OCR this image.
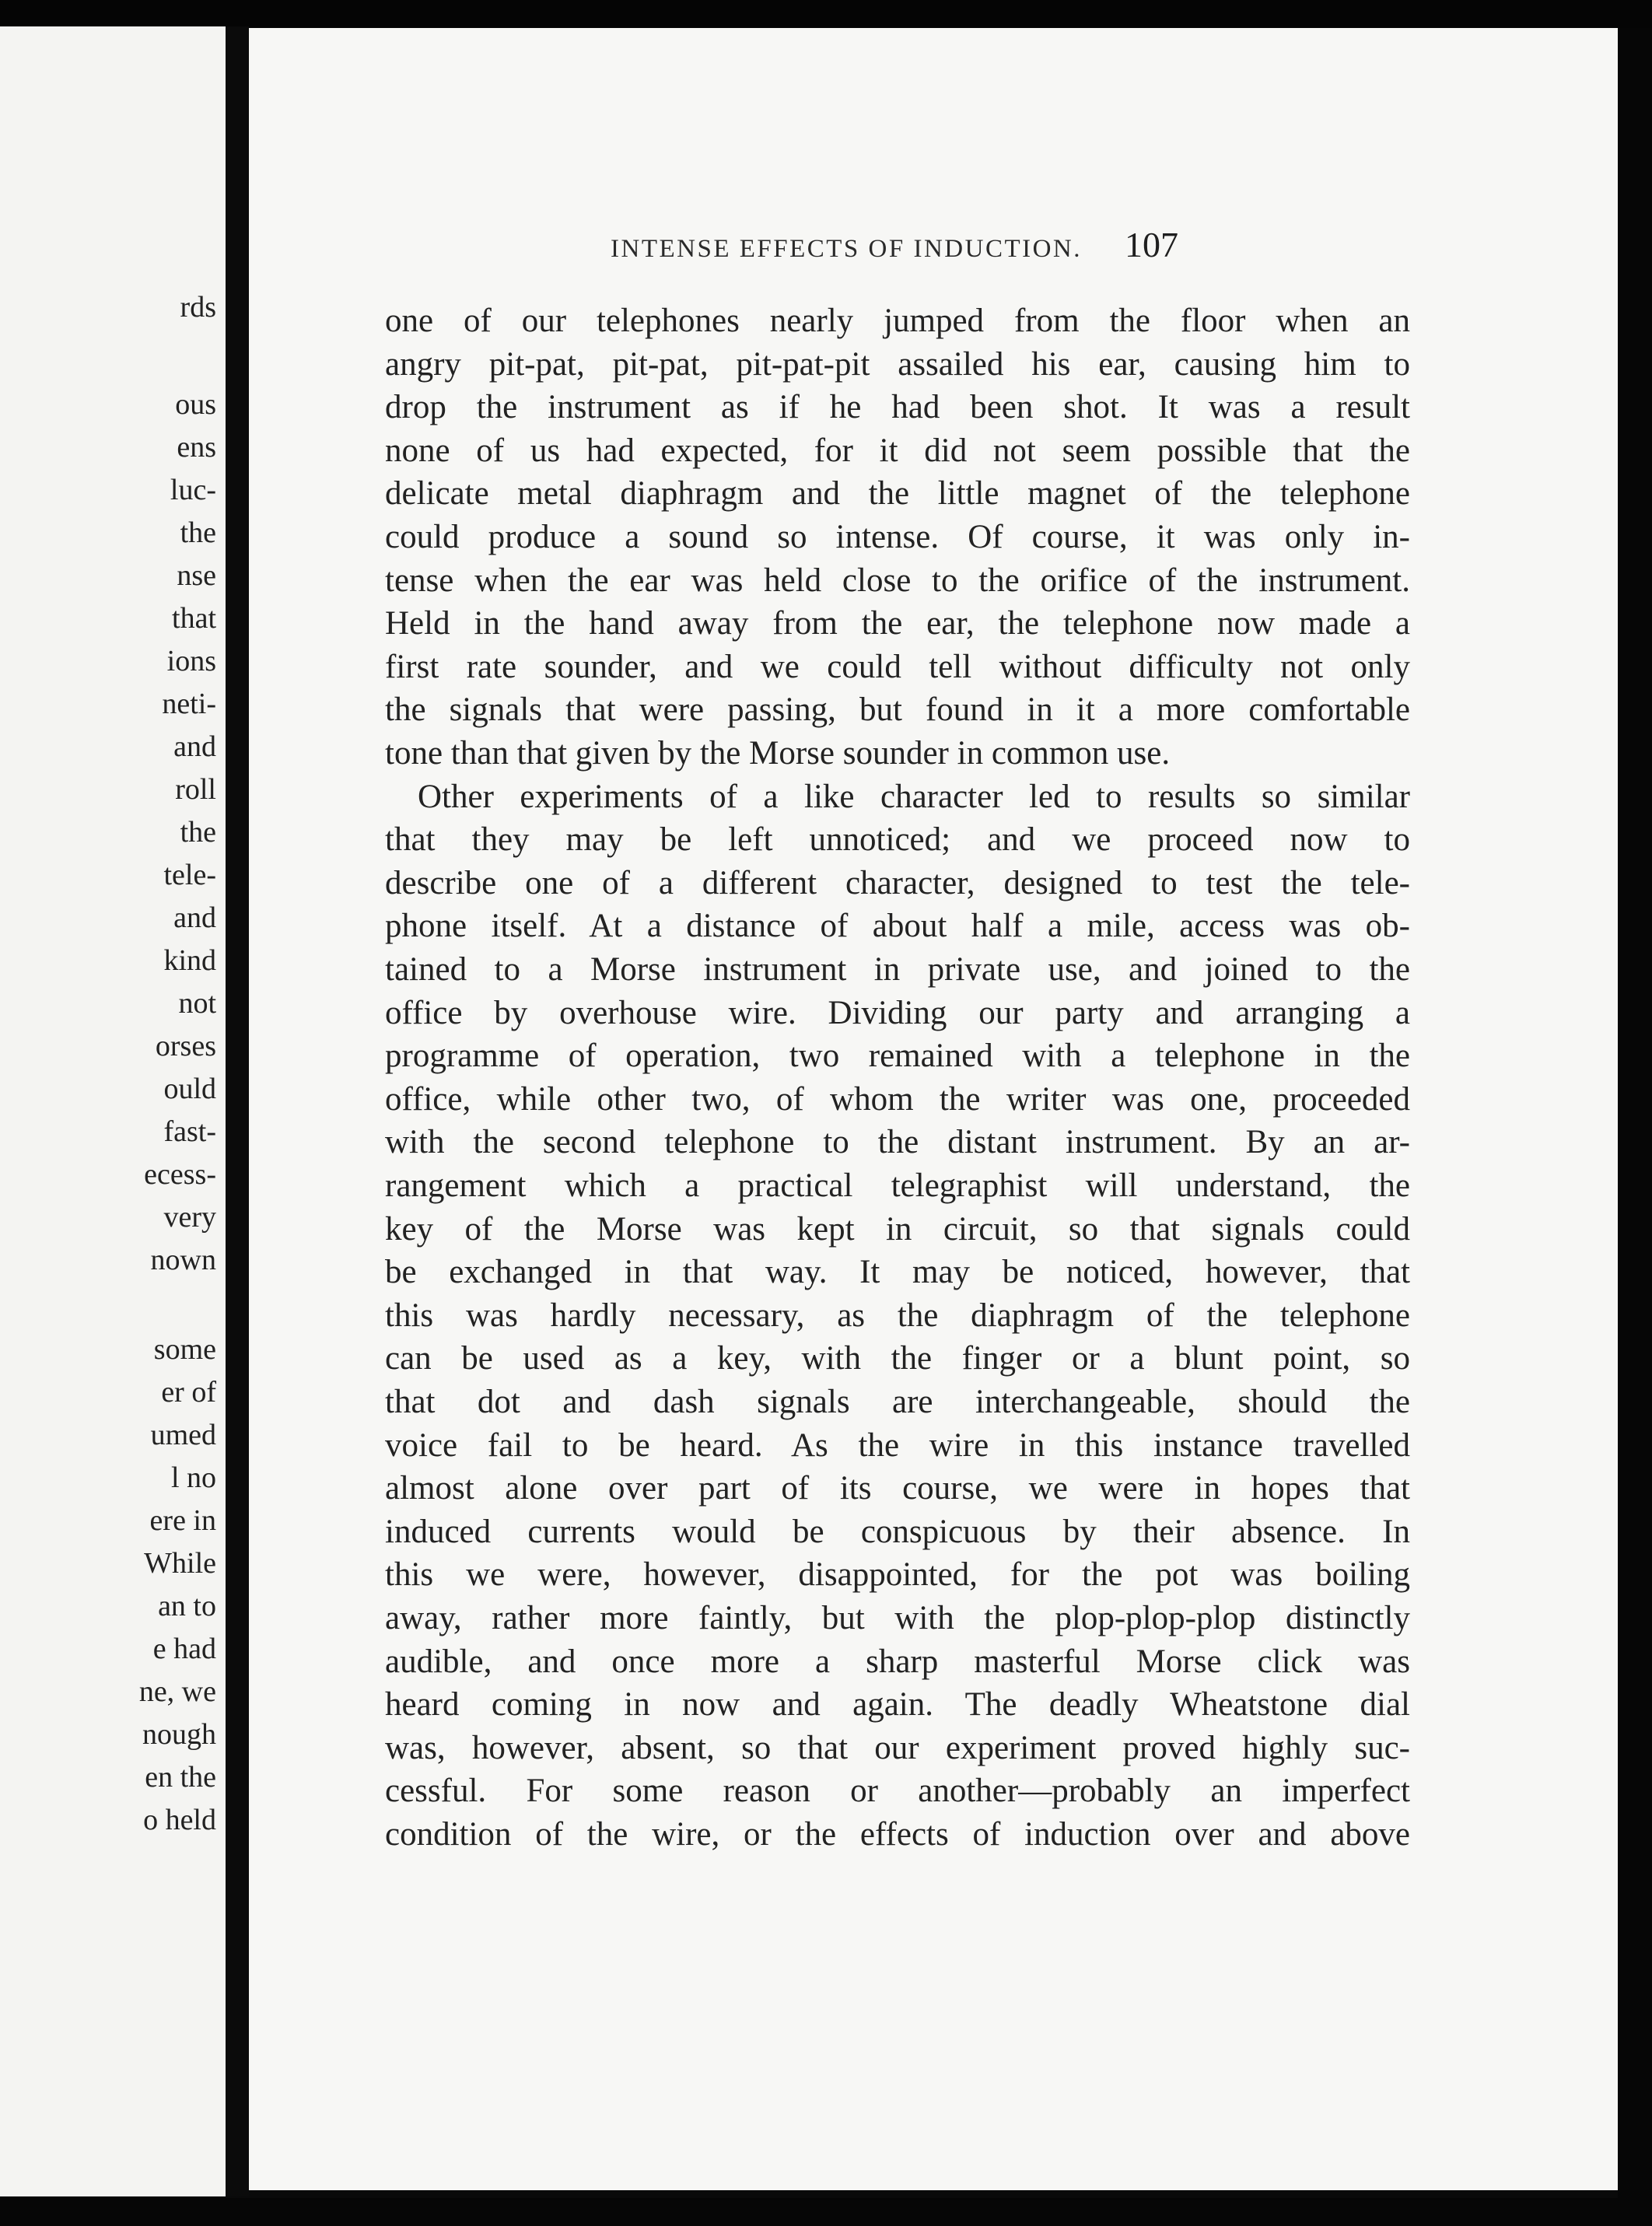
rds
ous
ens
luc-
the
nse
that
ions
neti-
and
roll
the
tele-
and
kind
not
orses
ould
fast-
ecess-
very
nown
some
er of
umed
l no
ere in
While
an to
e had
ne, we
nough
en the
o held
INTENSE EFFECTS OF INDUCTION.	107
one of our telephones nearly jumped from the floor when an
angry pit-pat, pit-pat, pit-pat-pit assailed his ear, causing him to
drop the instrument as if he had been shot. It was a result
none of us had expected, for it did not seem possible that the
delicate metal diaphragm and the little magnet of the telephone
could produce a sound so intense. Of course, it was only in-
tense when the ear was held close to the orifice of the instrument.
Held in the hand away from the ear, the telephone now made a
first rate sounder, and we could tell without difficulty not only
the signals that were passing, but found in it a more comfortable
tone than that given by the Morse sounder in common use.
Other experiments of a like character led to results so similar
that they may be left unnoticed; and we proceed now to
describe one of a different character, designed to test the tele-
phone itself. At a distance of about half a mile, access was ob-
tained to a Morse instrument in private use, and joined to the
office by overhouse wire. Dividing our party and arranging a
programme of operation, two remained with a telephone in the
office, while other two, of whom the writer was one, proceeded
with the second telephone to the distant instrument. By an ar-
rangement which a practical telegraphist will understand, the
key of the Morse was kept in circuit, so that signals could
be exchanged in that way. It may be noticed, however, that
this was hardly necessary, as the diaphragm of the telephone
can be used as a key, with the finger or a blunt point, so
that dot and dash signals are interchangeable, should the
voice fail to be heard. As the wire in this instance travelled
almost alone over part of its course, we were in hopes that
induced currents would be conspicuous by their absence. In
this we were, however, disappointed, for the pot was boiling
away, rather more faintly, but with the plop-plop-plop distinctly
audible, and once more a sharp masterful Morse click was
heard coming in now and again. The deadly Wheatstone dial
was, however, absent, so that our experiment proved highly suc-
cessful. For some reason or another—probably an imperfect
condition of the wire, or the effects of induction over and above
